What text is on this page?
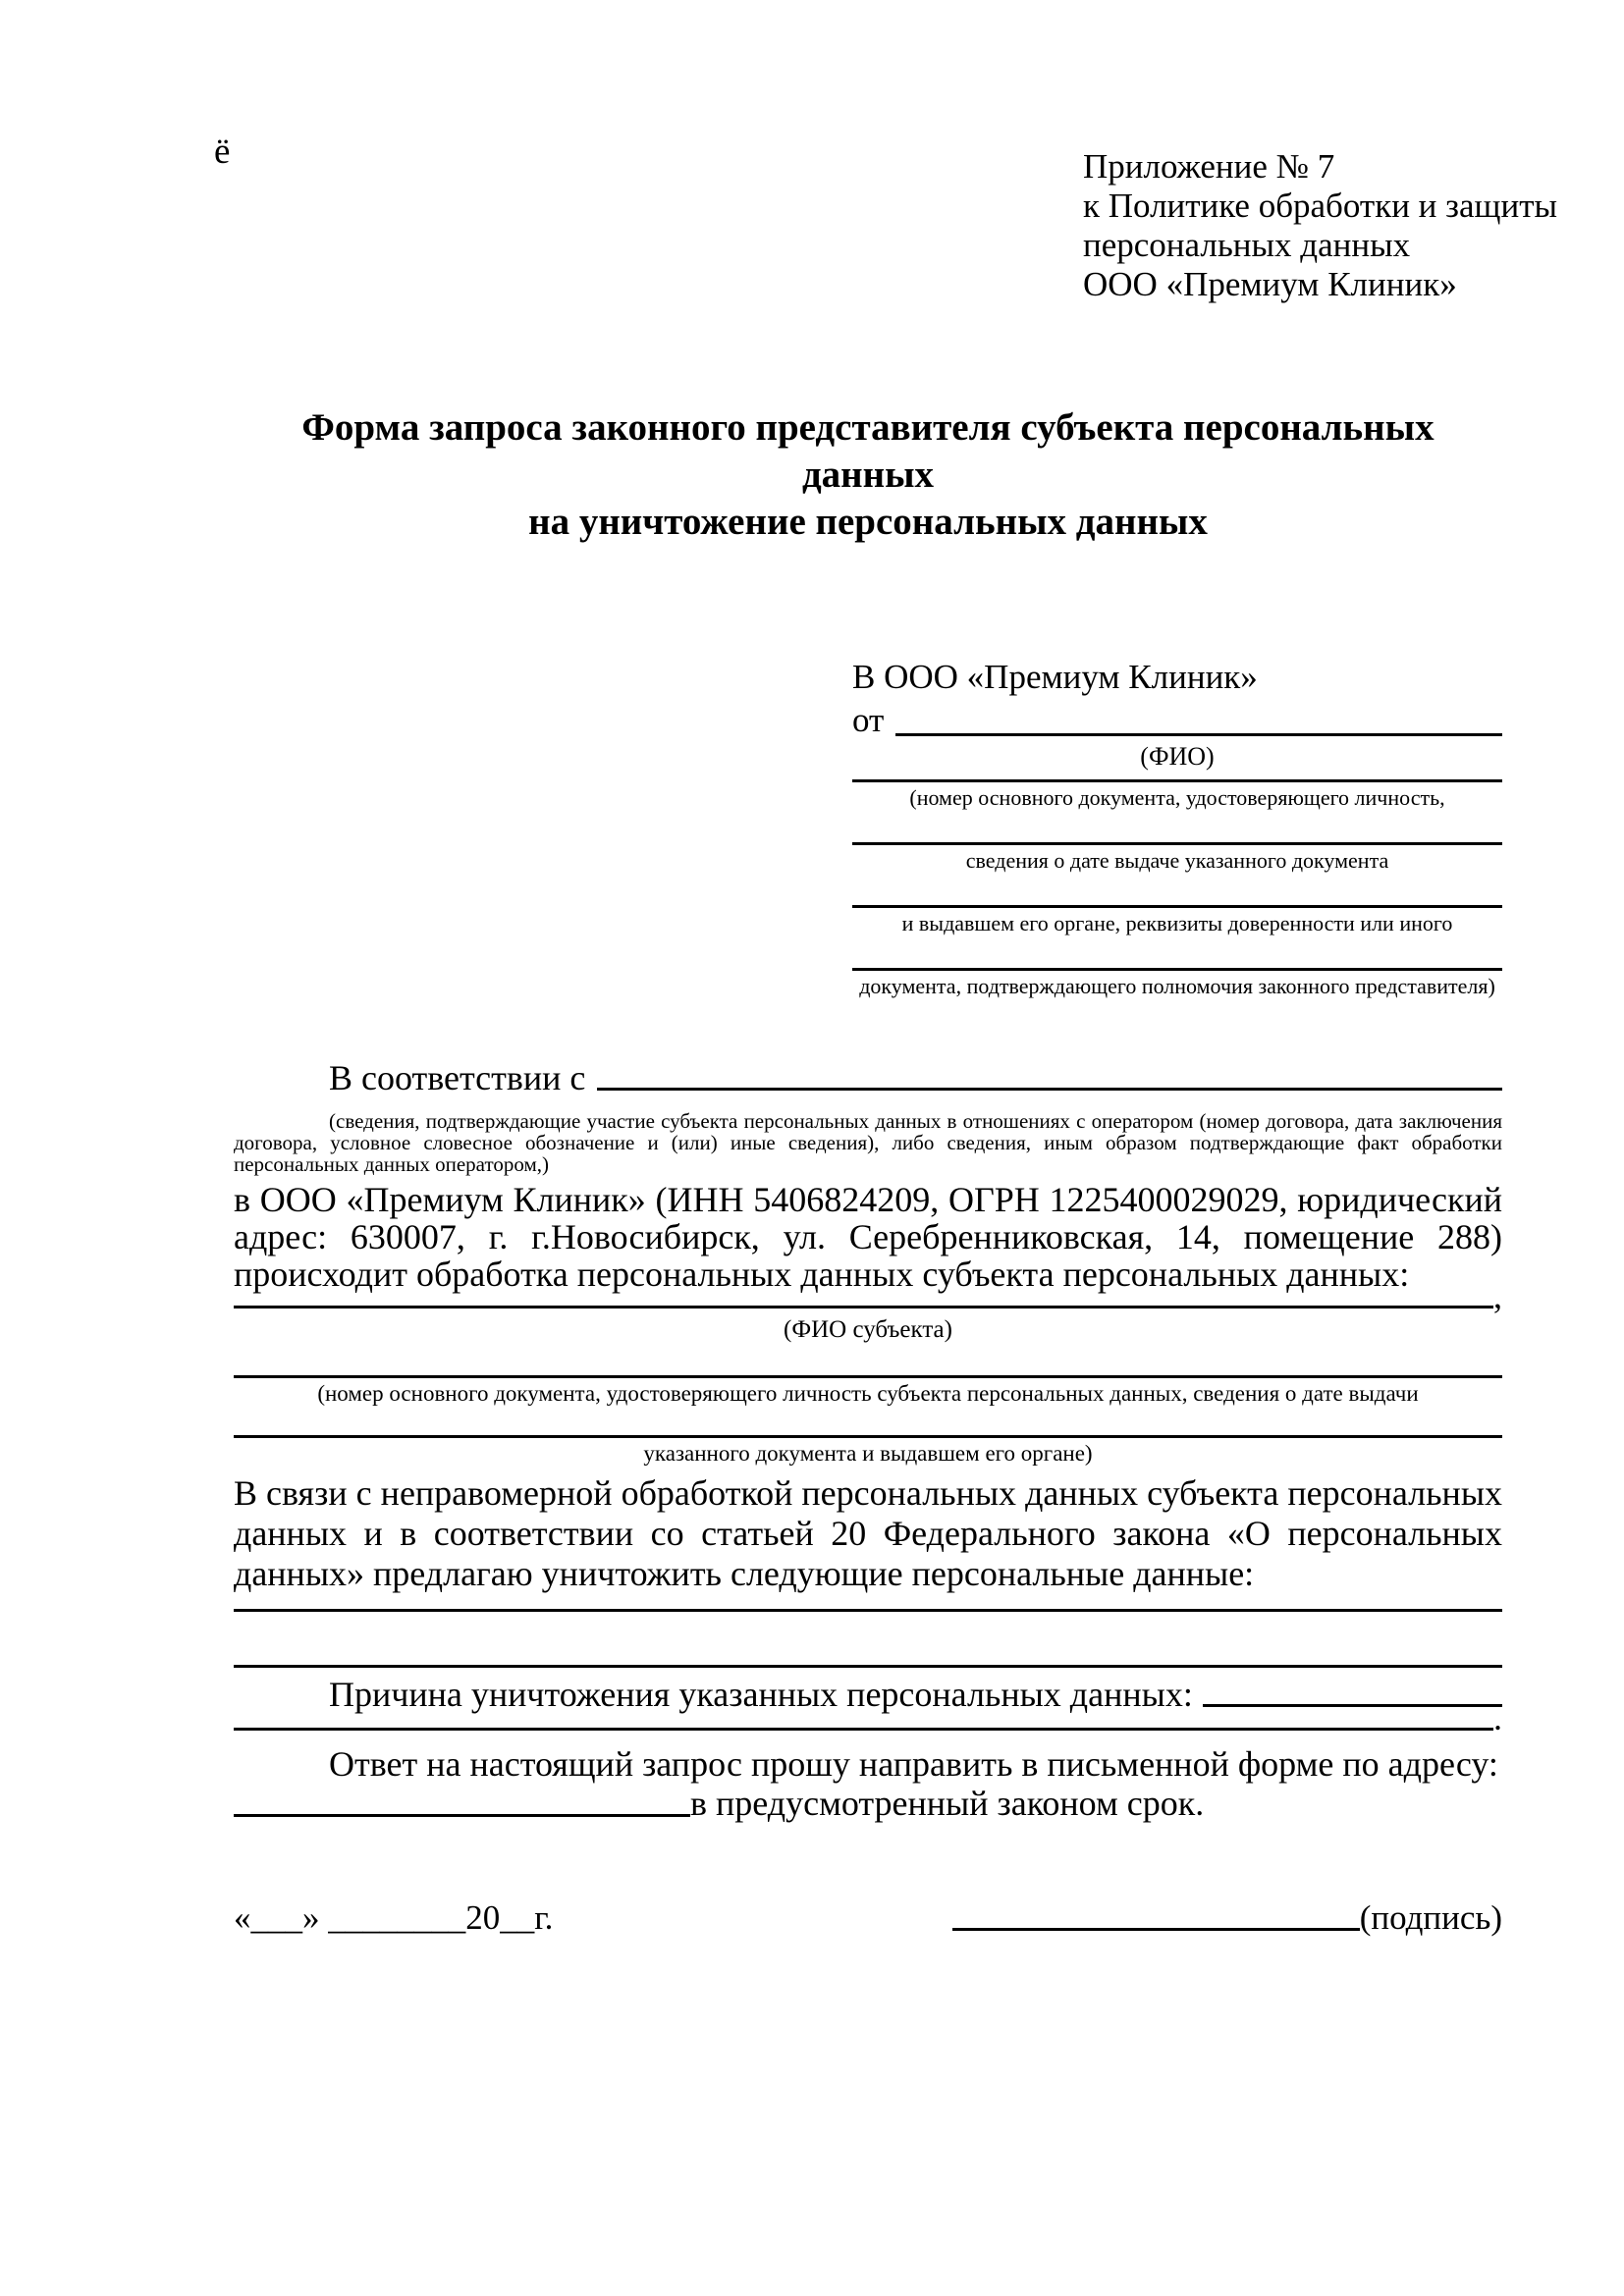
ё	Приложение № 7
к Политике обработки и защиты
персональных данных
ООО «Премиум Клиник»
Форма запроса законного представителя субъекта персональных данных
на уничтожение персональных данных
В ООО «Премиум Клиник»
от
(ФИО)
(номер основного документа, удостоверяющего личность,
сведения о дате выдаче указанного документа
и выдавшем его органе, реквизиты доверенности или иного
документа, подтверждающего полномочия законного представителя)
В соответствии с
(сведения, подтверждающие участие субъекта персональных данных в отношениях с оператором (номер договора, дата заключения договора, условное словесное обозначение и (или) иные сведения), либо сведения, иным образом подтверждающие факт обработки персональных данных оператором,)
в ООО «Премиум Клиник» (ИНН 5406824209, ОГРН 1225400029029, юридический адрес: 630007, г. г.Новосибирск, ул. Серебренниковская, 14, помещение 288) происходит обработка персональных данных субъекта персональных данных:
,
(ФИО субъекта)
(номер основного документа, удостоверяющего личность субъекта персональных данных, сведения о дате выдачи
указанного документа и выдавшем его органе)
В связи с неправомерной обработкой персональных данных субъекта персональных данных и в соответствии со статьей 20 Федерального закона «О персональных данных» предлагаю уничтожить следующие персональные данные:
Причина уничтожения указанных персональных данных:
.
Ответ на настоящий запрос прошу направить в письменной форме по адресу:
в предусмотренный законом срок.
«___» ________20__г.	(подпись)
